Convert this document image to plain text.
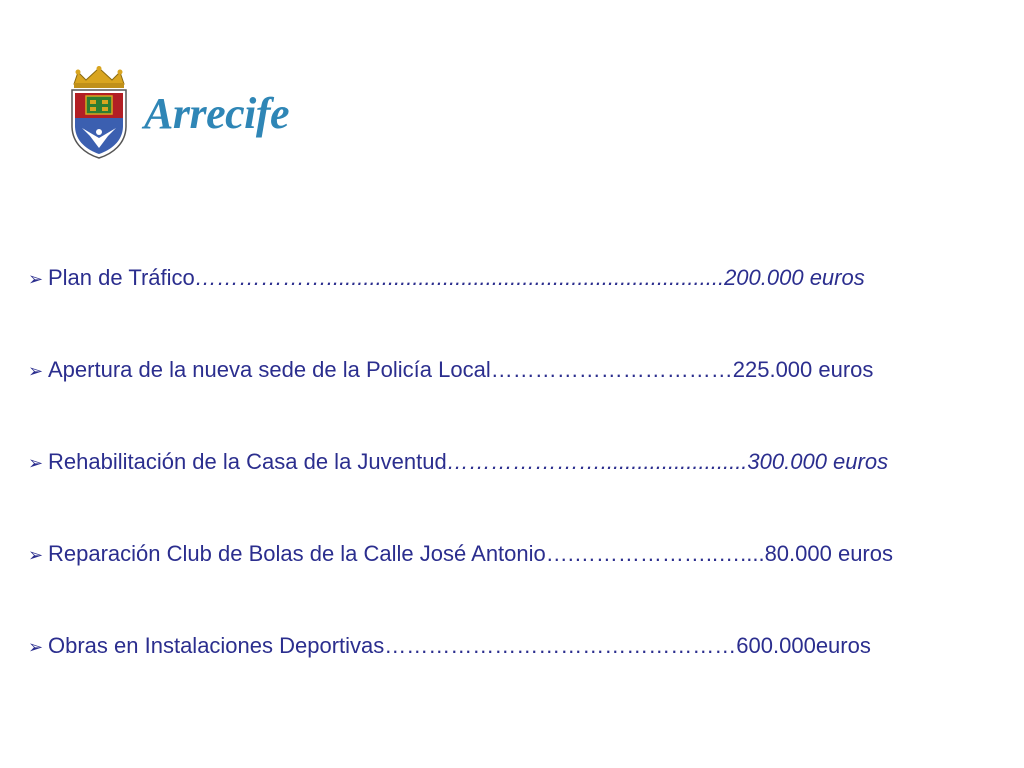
Arrecife
➢ Plan de Tráfico……………….................................................................200.000 euros
➢ Apertura de la nueva sede de la Policía Local……………………………225.000 euros
➢ Rehabilitación de la Casa de la Juventud…………………........................300.000 euros
➢ Reparación Club de Bolas de la Calle José Antonio….………………..…....80.000 euros
➢ Obras en Instalaciones Deportivas…………………………………………600.000euros
